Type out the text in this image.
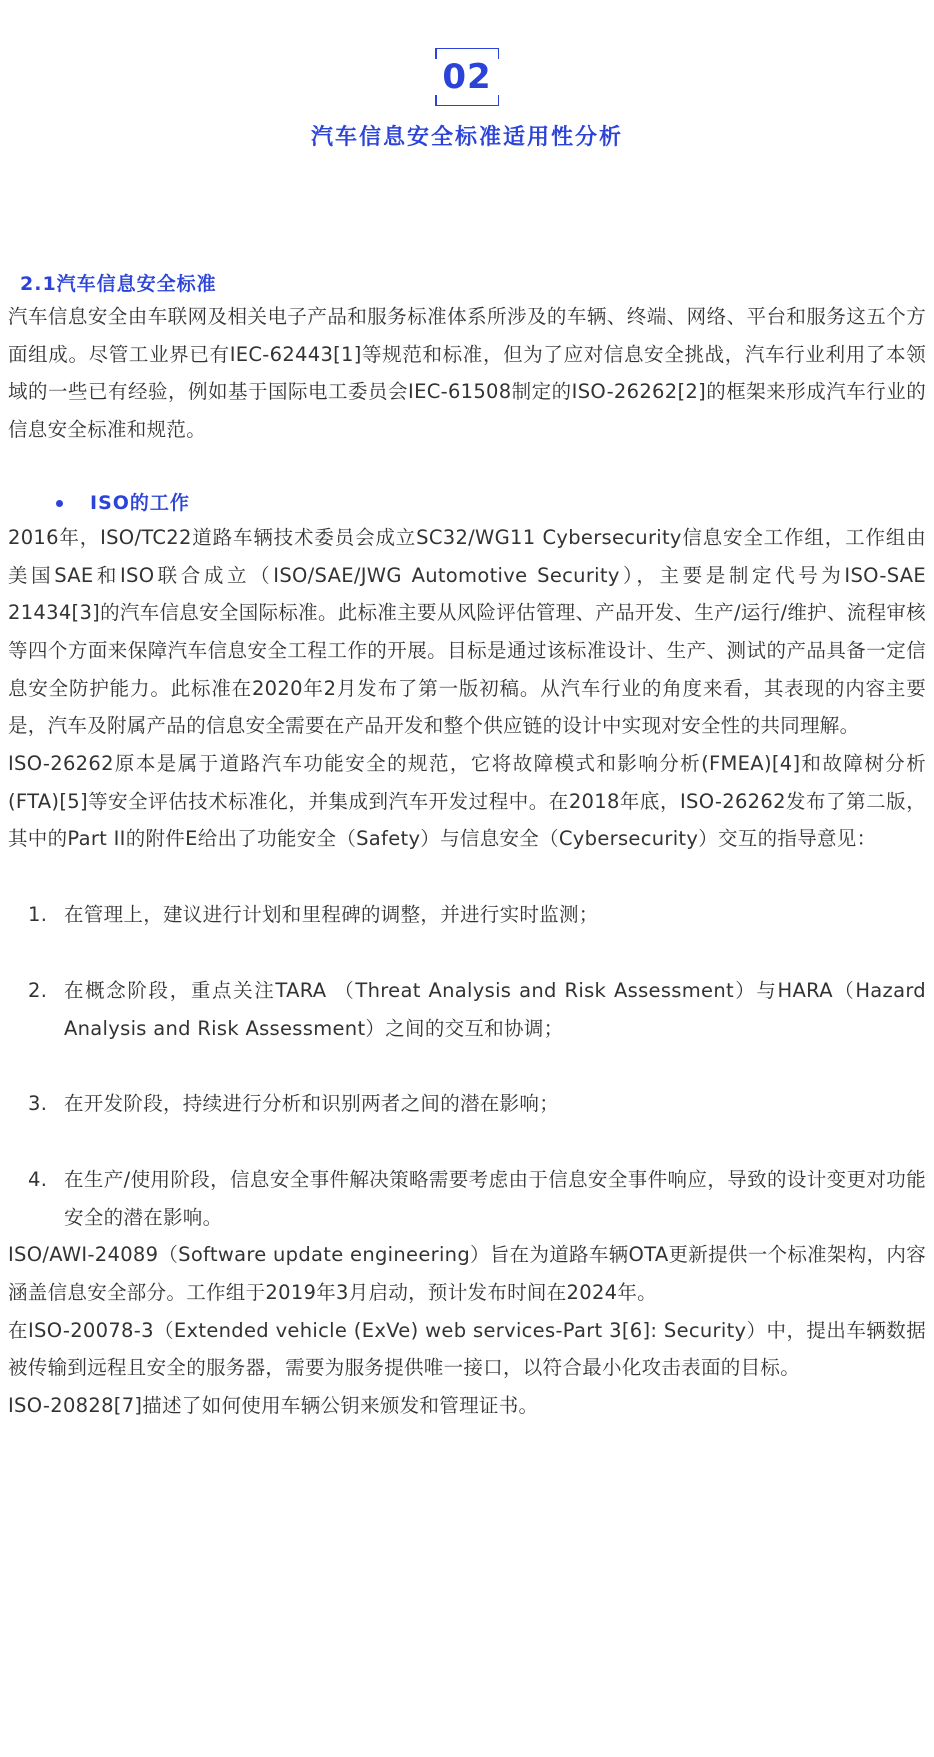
02
汽车信息安全标准适用性分析
2.1汽车信息安全标准

汽车信息安全由车联网及相关电子产品和服务标准体系所涉及的车辆、终端、网络、平台和服务这五个方面组成。尽管工业界已有IEC-62443[1]等规范和标准，但为了应对信息安全挑战，汽车行业利用了本领域的一些已有经验，例如基于国际电工委员会IEC-61508制定的ISO-26262[2]的框架来形成汽车行业的信息安全标准和规范。

ISO的工作

2016年，ISO/TC22道路车辆技术委员会成立SC32/WG11 Cybersecurity信息安全工作组，工作组由美国SAE和ISO联合成立（ISO/SAE/JWG Automotive Security），主要是制定代号为ISO-SAE 21434[3]的汽车信息安全国际标准。此标准主要从风险评估管理、产品开发、生产/运行/维护、流程审核等四个方面来保障汽车信息安全工程工作的开展。目标是通过该标准设计、生产、测试的产品具备一定信息安全防护能力。此标准在2020年2月发布了第一版初稿。从汽车行业的角度来看，其表现的内容主要是，汽车及附属产品的信息安全需要在产品开发和整个供应链的设计中实现对安全性的共同理解。

ISO-26262原本是属于道路汽车功能安全的规范，它将故障模式和影响分析(FMEA)[4]和故障树分析(FTA)[5]等安全评估技术标准化，并集成到汽车开发过程中。在2018年底，ISO-26262发布了第二版，其中的Part II的附件E给出了功能安全（Safety）与信息安全（Cybersecurity）交互的指导意见：

1. 在管理上，建议进行计划和里程碑的调整，并进行实时监测；
2. 在概念阶段，重点关注TARA （Threat Analysis and Risk Assessment）与HARA（Hazard Analysis and Risk Assessment）之间的交互和协调；
3. 在开发阶段，持续进行分析和识别两者之间的潜在影响；
4. 在生产/使用阶段，信息安全事件解决策略需要考虑由于信息安全事件响应，导致的设计变更对功能安全的潜在影响。

ISO/AWI-24089（Software update engineering）旨在为道路车辆OTA更新提供一个标准架构，内容涵盖信息安全部分。工作组于2019年3月启动，预计发布时间在2024年。

在ISO-20078-3（Extended vehicle (ExVe) web services-Part 3[6]: Security）中，提出车辆数据被传输到远程且安全的服务器，需要为服务提供唯一接口，以符合最小化攻击表面的目标。

ISO-20828[7]描述了如何使用车辆公钥来颁发和管理证书。
